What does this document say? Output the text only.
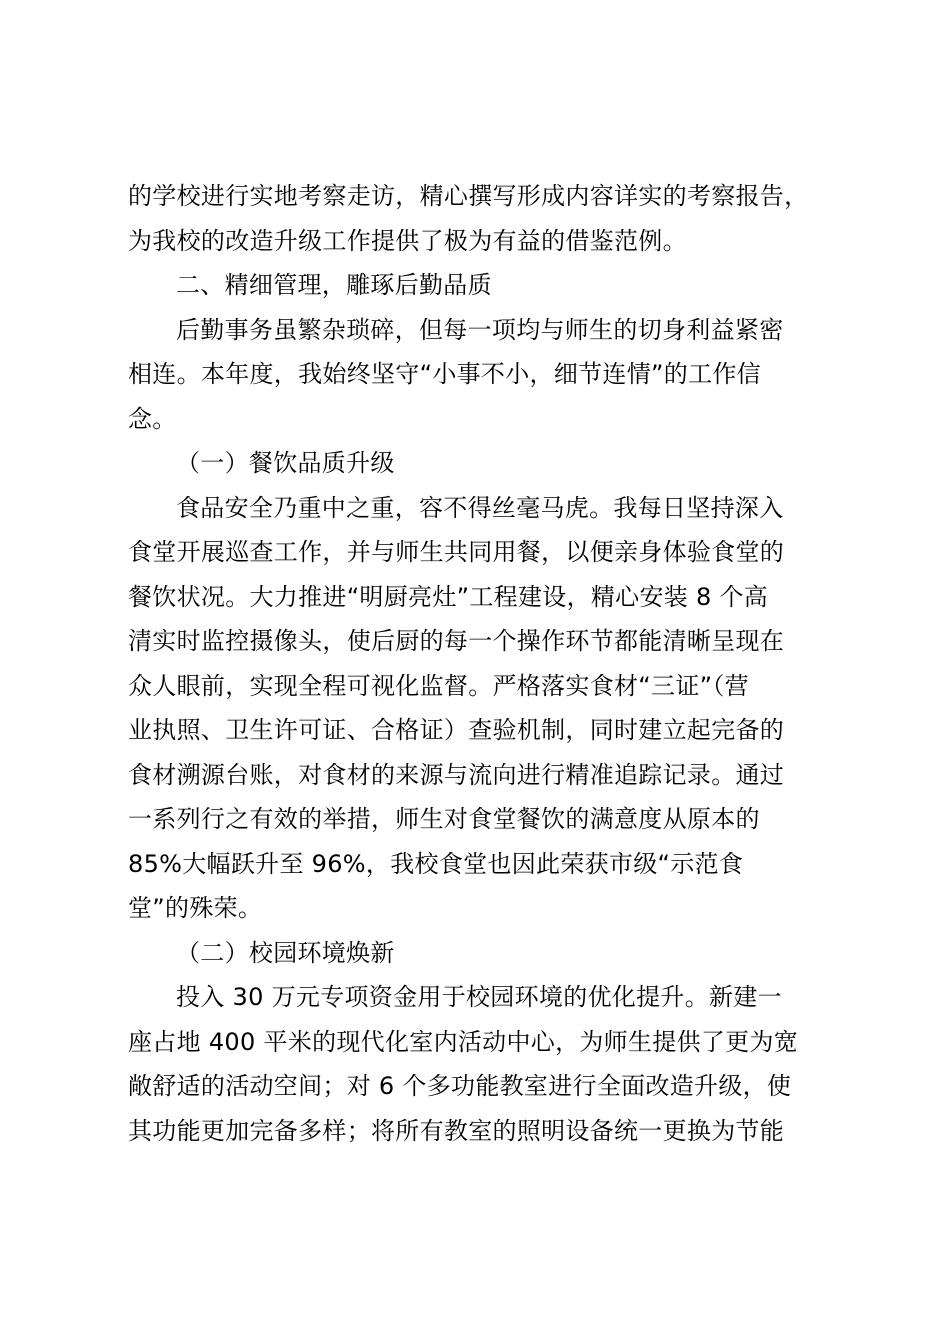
的学校进行实地考察走访，精心撰写形成内容详实的考察报告，
为我校的改造升级工作提供了极为有益的借鉴范例。
二、精细管理，雕琢后勤品质
后勤事务虽繁杂琐碎，但每一项均与师生的切身利益紧密
相连。本年度，我始终坚守“小事不小，细节连情”的工作信
念。
（一）餐饮品质升级
食品安全乃重中之重，容不得丝毫马虎。我每日坚持深入
食堂开展巡查工作，并与师生共同用餐，以便亲身体验食堂的
餐饮状况。大力推进“明厨亮灶”工程建设，精心安装 8 个高
清实时监控摄像头，使后厨的每一个操作环节都能清晰呈现在
众人眼前，实现全程可视化监督。严格落实食材“三证”（营
业执照、卫生许可证、合格证）查验机制，同时建立起完备的
食材溯源台账，对食材的来源与流向进行精准追踪记录。通过
一系列行之有效的举措，师生对食堂餐饮的满意度从原本的
85%大幅跃升至 96%，我校食堂也因此荣获市级“示范食
堂”的殊荣。
（二）校园环境焕新
投入 30 万元专项资金用于校园环境的优化提升。新建一
座占地 400 平米的现代化室内活动中心，为师生提供了更为宽
敞舒适的活动空间；对 6 个多功能教室进行全面改造升级，使
其功能更加完备多样；将所有教室的照明设备统一更换为节能
